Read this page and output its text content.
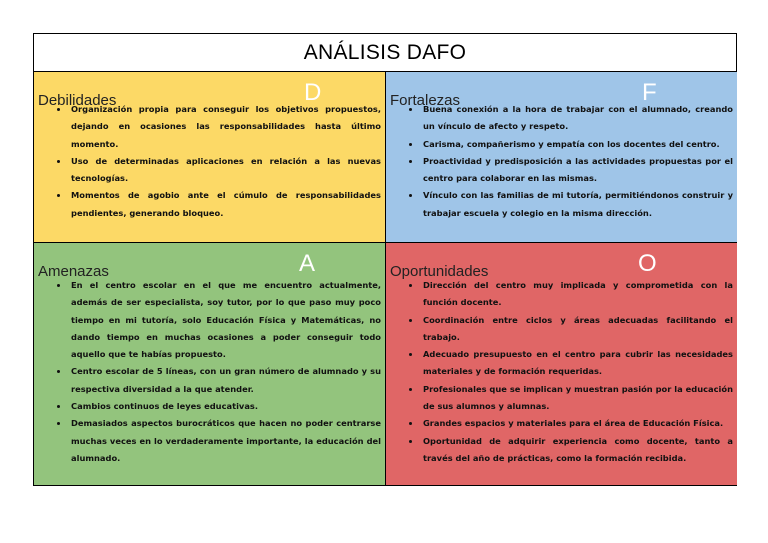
ANÁLISIS DAFO
Debilidades	D
• Organización propia para conseguir los objetivos propuestos, dejando en ocasiones las responsabilidades hasta último momento.
• Uso de determinadas aplicaciones en relación a las nuevas tecnologías.
• Momentos de agobio ante el cúmulo de responsabilidades pendientes, generando bloqueo.
Fortalezas	F
• Buena conexión a la hora de trabajar con el alumnado, creando un vínculo de afecto y respeto.
• Carisma, compañerismo y empatía con los docentes del centro.
• Proactividad y predisposición a las actividades propuestas por el centro para colaborar en las mismas.
• Vínculo con las familias de mi tutoría, permitiéndonos construir y trabajar escuela y colegio en la misma dirección.
Amenazas	A
• En el centro escolar en el que me encuentro actualmente, además de ser especialista, soy tutor, por lo que paso muy poco tiempo en mi tutoría, solo Educación Física y Matemáticas, no dando tiempo en muchas ocasiones a poder conseguir todo aquello que te habías propuesto.
• Centro escolar de 5 líneas, con un gran número de alumnado y su respectiva diversidad a la que atender.
• Cambios continuos de leyes educativas.
• Demasiados aspectos burocráticos que hacen no poder centrarse muchas veces en lo verdaderamente importante, la educación del alumnado.
Oportunidades	O
• Dirección del centro muy implicada y comprometida con la función docente.
• Coordinación entre ciclos y áreas adecuadas facilitando el trabajo.
• Adecuado presupuesto en el centro para cubrir las necesidades materiales y de formación requeridas.
• Profesionales que se implican y muestran pasión por la educación de sus alumnos y alumnas.
• Grandes espacios y materiales para el área de Educación Física.
• Oportunidad de adquirir experiencia como docente, tanto a través del año de prácticas, como la formación recibida.
